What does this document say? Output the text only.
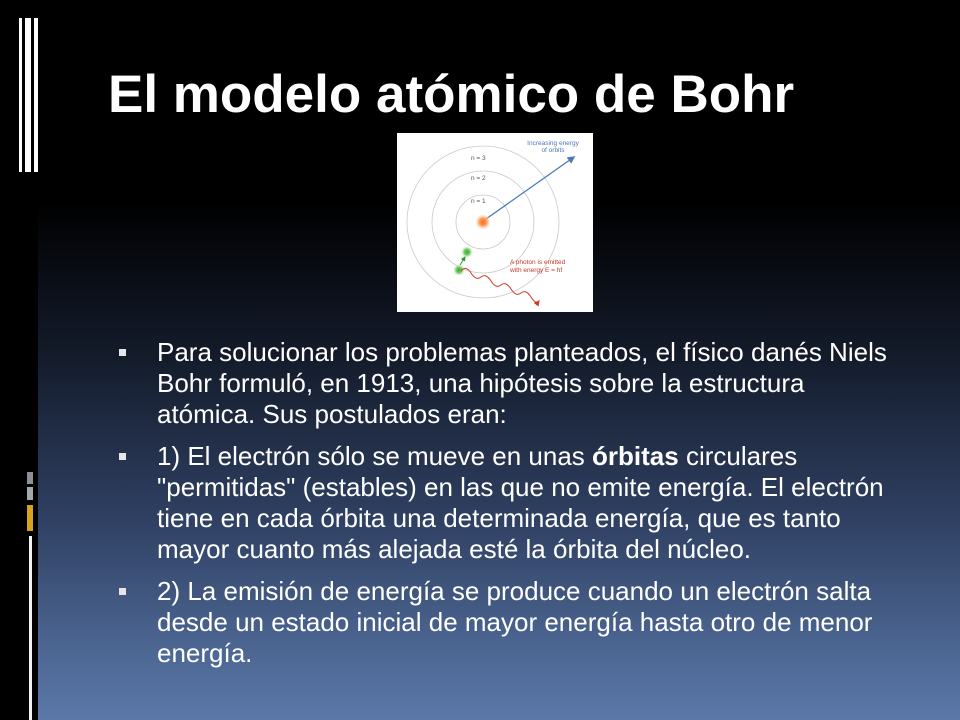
El modelo atómico de Bohr
n = 3
n = 2
n = 1
Increasing energy
of orbits
A photon is emitted
with energy E = hf
Para solucionar los problemas planteados, el físico danés Niels Bohr formuló, en 1913, una hipótesis sobre la estructura atómica. Sus postulados eran:
1) El electrón sólo se mueve en unas órbitas circulares "permitidas" (estables) en las que no emite energía. El electrón tiene en cada órbita una determinada energía, que es tanto mayor cuanto más alejada esté la órbita del núcleo.
2) La emisión de energía se produce cuando un electrón salta desde un estado inicial de mayor energía hasta otro de menor energía.
